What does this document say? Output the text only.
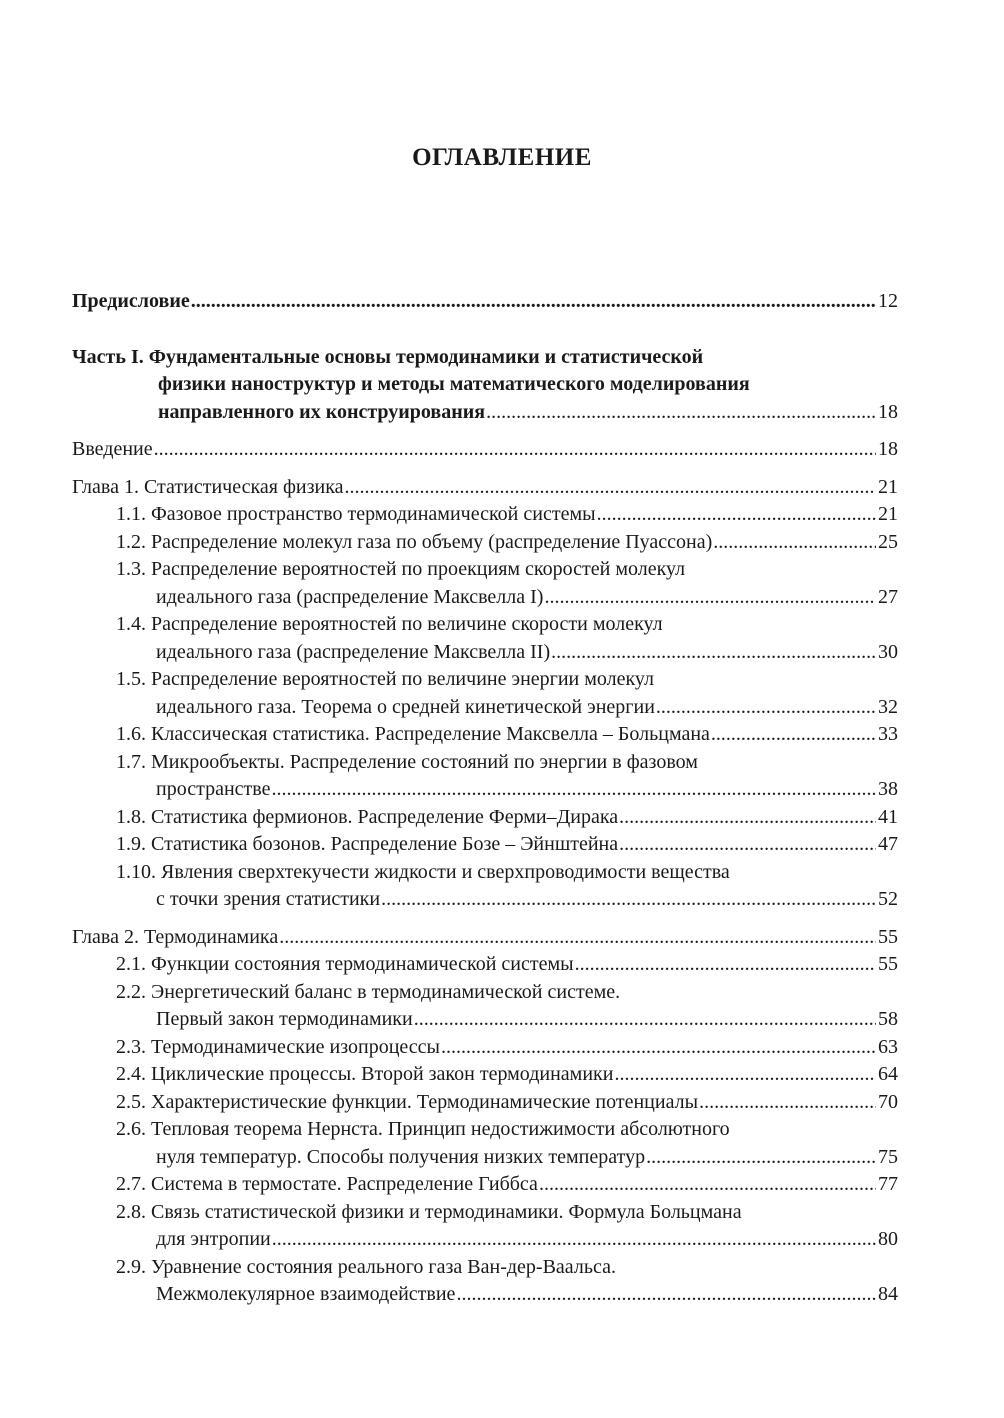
ОГЛАВЛЕНИЕ
Предисловие .....	12
Часть I. Фундаментальные основы термодинамики и статистической
физики наноструктур и методы математического моделирования
направленного их конструирования .....	18
Введение .....	18
Глава 1. Статистическая физика .....	21
1.1. Фазовое пространство термодинамической системы .....	21
1.2. Распределение молекул газа по объему (распределение Пуассона) .....	25
1.3. Распределение вероятностей по проекциям скоростей молекул
идеального газа (распределение Максвелла I) .....	27
1.4. Распределение вероятностей по величине скорости молекул
идеального газа (распределение Максвелла II) .....	30
1.5. Распределение вероятностей по величине энергии молекул
идеального газа. Теорема о средней кинетической энергии .....	32
1.6. Классическая статистика. Распределение Максвелла – Больцмана .....	33
1.7. Микрообъекты. Распределение состояний по энергии в фазовом
пространстве .....	38
1.8. Статистика фермионов. Распределение Ферми–Дирака .....	41
1.9. Статистика бозонов. Распределение Бозе – Эйнштейна .....	47
1.10. Явления сверхтекучести жидкости и сверхпроводимости вещества
с точки зрения статистики .....	52
Глава 2. Термодинамика .....	55
2.1. Функции состояния термодинамической системы .....	55
2.2. Энергетический баланс в термодинамической системе.
Первый закон термодинамики .....	58
2.3. Термодинамические изопроцессы .....	63
2.4. Циклические процессы. Второй закон термодинамики .....	64
2.5. Характеристические функции. Термодинамические потенциалы .....	70
2.6. Тепловая теорема Нернста. Принцип недостижимости абсолютного
нуля температур. Способы получения низких температур .....	75
2.7. Система в термостате. Распределение Гиббса .....	77
2.8. Связь статистической физики и термодинамики. Формула Больцмана
для энтропии .....	80
2.9. Уравнение состояния реального газа Ван-дер-Ваальса.
Межмолекулярное взаимодействие .....	84
